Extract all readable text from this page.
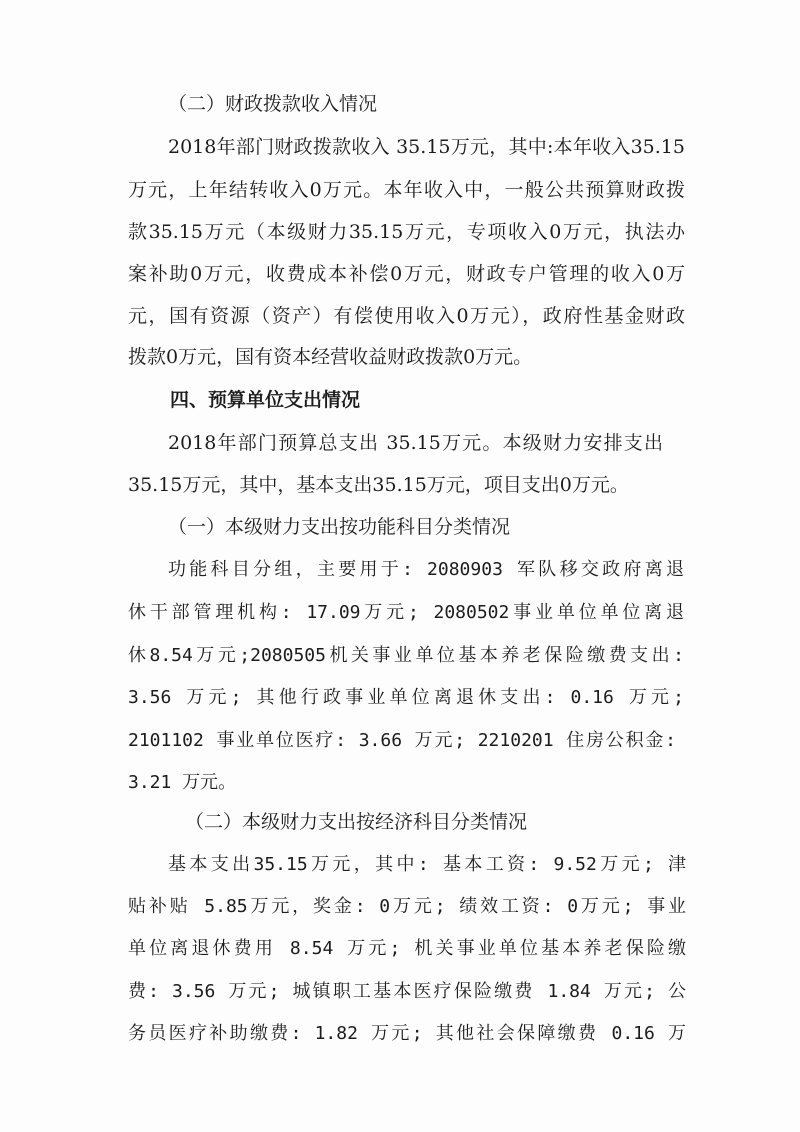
（二）财政拨款收入情况

2018年部门财政拨款收入 35.15万元，其中:本年收入35.15

万元，上年结转收入0万元。本年收入中，一般公共预算财政拨

款35.15万元（本级财力35.15万元，专项收入0万元，执法办

案补助0万元，收费成本补偿0万元，财政专户管理的收入0万

元，国有资源（资产）有偿使用收入0万元），政府性基金财政

拨款0万元，国有资本经营收益财政拨款0万元。

四、预算单位支出情况

2018年部门预算总支出 35.15万元。本级财力安排支出

35.15万元，其中，基本支出35.15万元，项目支出0万元。

（一）本级财力支出按功能科目分类情况

功能科目分组，主要用于: 2080903 军队移交政府离退

休干部管理机构: 17.09万元; 2080502事业单位单位离退

休8.54万元;2080505机关事业单位基本养老保险缴费支出:

3.56 万元; 其他行政事业单位离退休支出: 0.16 万元;

2101102 事业单位医疗: 3.66 万元; 2210201 住房公积金:

3.21 万元。

（二）本级财力支出按经济科目分类情况

基本支出35.15万元，其中: 基本工资: 9.52万元; 津

贴补贴 5.85万元，奖金: 0万元; 绩效工资: 0万元; 事业

单位离退休费用 8.54 万元; 机关事业单位基本养老保险缴

费: 3.56 万元; 城镇职工基本医疗保险缴费 1.84 万元; 公

务员医疗补助缴费: 1.82 万元; 其他社会保障缴费 0.16 万
